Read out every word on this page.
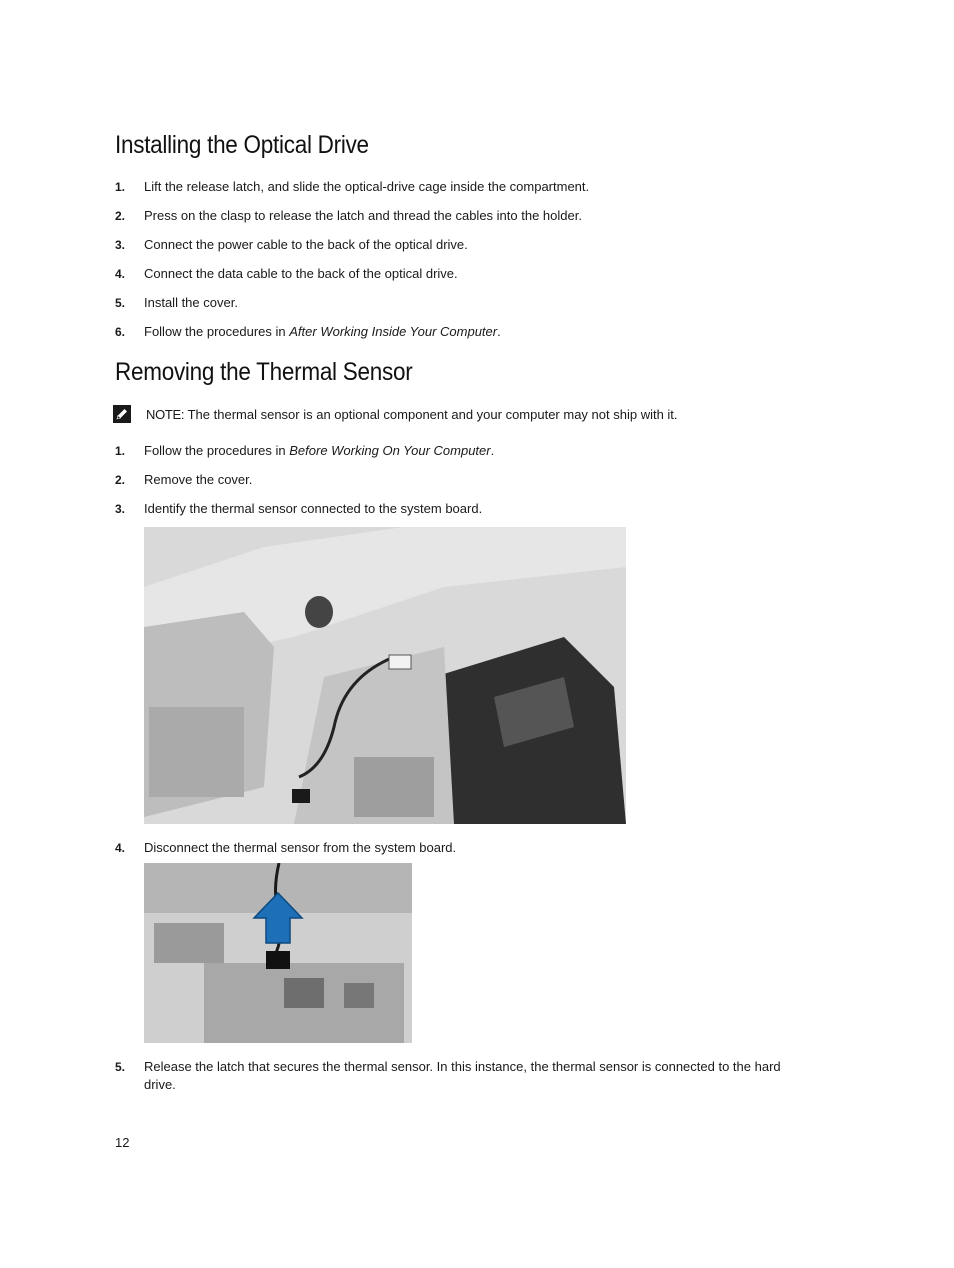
Installing the Optical Drive
1. Lift the release latch, and slide the optical-drive cage inside the compartment.
2. Press on the clasp to release the latch and thread the cables into the holder.
3. Connect the power cable to the back of the optical drive.
4. Connect the data cable to the back of the optical drive.
5. Install the cover.
6. Follow the procedures in After Working Inside Your Computer.
Removing the Thermal Sensor
NOTE: The thermal sensor is an optional component and your computer may not ship with it.
1. Follow the procedures in Before Working On Your Computer.
2. Remove the cover.
3. Identify the thermal sensor connected to the system board.
4. Disconnect the thermal sensor from the system board.
5. Release the latch that secures the thermal sensor. In this instance, the thermal sensor is connected to the hard drive.
12
